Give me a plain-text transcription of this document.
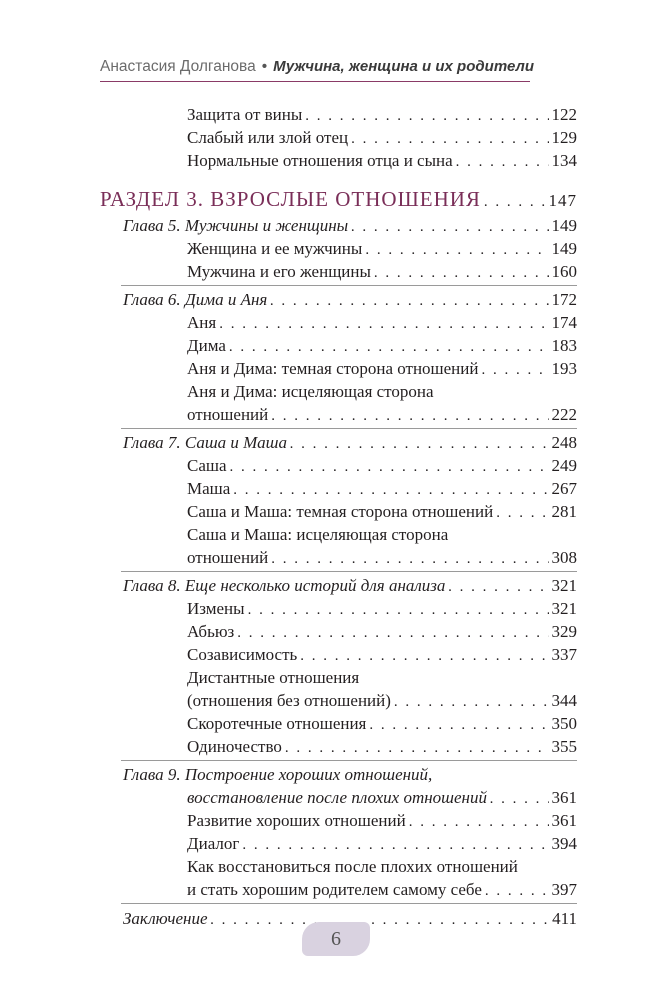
Анастасия Долганова • Мужчина, женщина и их родители
Защита от вины . . .	122
Слабый или злой отец . . .	129
Нормальные отношения отца и сына . . .	134
РАЗДЕЛ 3. ВЗРОСЛЫЕ ОТНОШЕНИЯ . . .	147
Глава 5. Мужчины и женщины . . .	149
Женщина и ее мужчины . . .	149
Мужчина и его женщины . . .	160
Глава 6. Дима и Аня . . .	172
Аня . . .	174
Дима . . .	183
Аня и Дима: темная сторона отношений . . .	193
Аня и Дима: исцеляющая сторона
отношений . . .	222
Глава 7. Саша и Маша . . .	248
Саша . . .	249
Маша . . .	267
Саша и Маша: темная сторона отношений . . .	281
Саша и Маша: исцеляющая сторона
отношений . . .	308
Глава 8. Еще несколько историй для анализа . . .	321
Измены . . .	321
Абьюз . . .	329
Созависимость . . .	337
Дистантные отношения
(отношения без отношений) . . .	344
Скоротечные отношения . . .	350
Одиночество . . .	355
Глава 9. Построение хороших отношений,
восстановление после плохих отношений . . .	361
Развитие хороших отношений . . .	361
Диалог . . .	394
Как восстановиться после плохих отношений
и стать хорошим родителем самому себе . . .	397
Заключение . . .	411
6
